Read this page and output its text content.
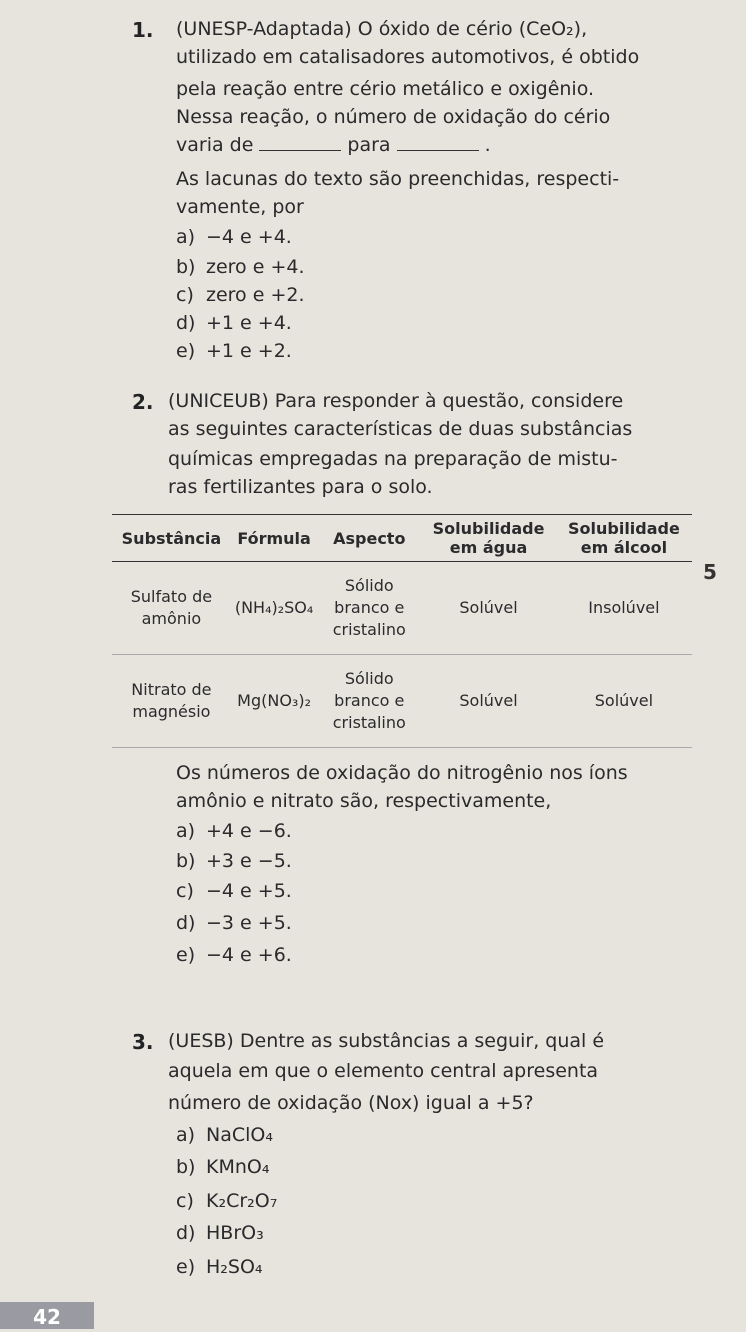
1. (UNESP-Adaptada) O óxido de cério (CeO₂),
utilizado em catalisadores automotivos, é obtido
pela reação entre cério metálico e oxigênio.
Nessa reação, o número de oxidação do cério
varia de	para	.
As lacunas do texto são preenchidas, respecti-
vamente, por
a) −4 e +4.
b) zero e +4.
c) zero e +2.
d) +1 e +4.
e) +1 e +2.
2. (UNICEUB) Para responder à questão, considere
as seguintes características de duas substâncias
químicas empregadas na preparação de mistu-
ras fertilizantes para o solo.
Substância	Fórmula	Aspecto	Solubilidade em água	Solubilidade em álcool
Sulfato de amônio	(NH₄)₂SO₄	Sólido branco e cristalino	Solúvel	Insolúvel
Nitrato de magnésio	Mg(NO₃)₂	Sólido branco e cristalino	Solúvel	Solúvel
5
Os números de oxidação do nitrogênio nos íons
amônio e nitrato são, respectivamente,
a) +4 e −6.
b) +3 e −5.
c) −4 e +5.
d) −3 e +5.
e) −4 e +6.
3. (UESB) Dentre as substâncias a seguir, qual é
aquela em que o elemento central apresenta
número de oxidação (Nox) igual a +5?
a) NaClO₄
b) KMnO₄
c) K₂Cr₂O₇
d) HBrO₃
e) H₂SO₄
42
